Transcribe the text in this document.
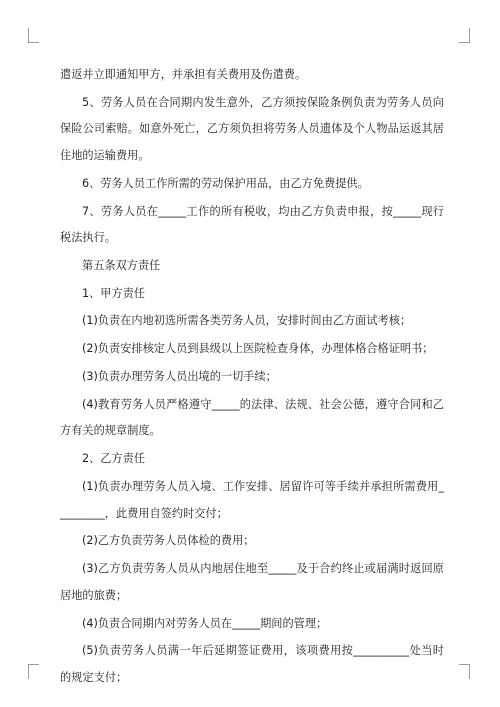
遣返并立即通知甲方，并承担有关费用及伤遣费。

5、劳务人员在合同期内发生意外，乙方须按保险条例负责为劳务人员向保险公司索赔。如意外死亡，乙方须负担将劳务人员遗体及个人物品运返其居住地的运输费用。

6、劳务人员工作所需的劳动保护用品，由乙方免费提供。

7、劳务人员在_____工作的所有税收，均由乙方负责申报，按_____现行税法执行。

第五条双方责任

1、甲方责任

(1)负责在内地初选所需各类劳务人员，安排时间由乙方面试考核；

(2)负责安排核定人员到县级以上医院检查身体，办理体格合格证明书；

(3)负责办理劳务人员出境的一切手续；

(4)教育劳务人员严格遵守_____的法律、法规、社会公德，遵守合同和乙方有关的规章制度。

2、乙方责任

(1)负责办理劳务人员入境、工作安排、居留许可等手续并承担所需费用_________，此费用自签约时交付；

(2)乙方负责劳务人员体检的费用；

(3)乙方负责劳务人员从内地居住地至_____及于合约终止或届满时返回原居地的旅费；

(4)负责合同期内对劳务人员在_____期间的管理；

(5)负责劳务人员满一年后延期签证费用，该项费用按__________处当时的规定支付；
